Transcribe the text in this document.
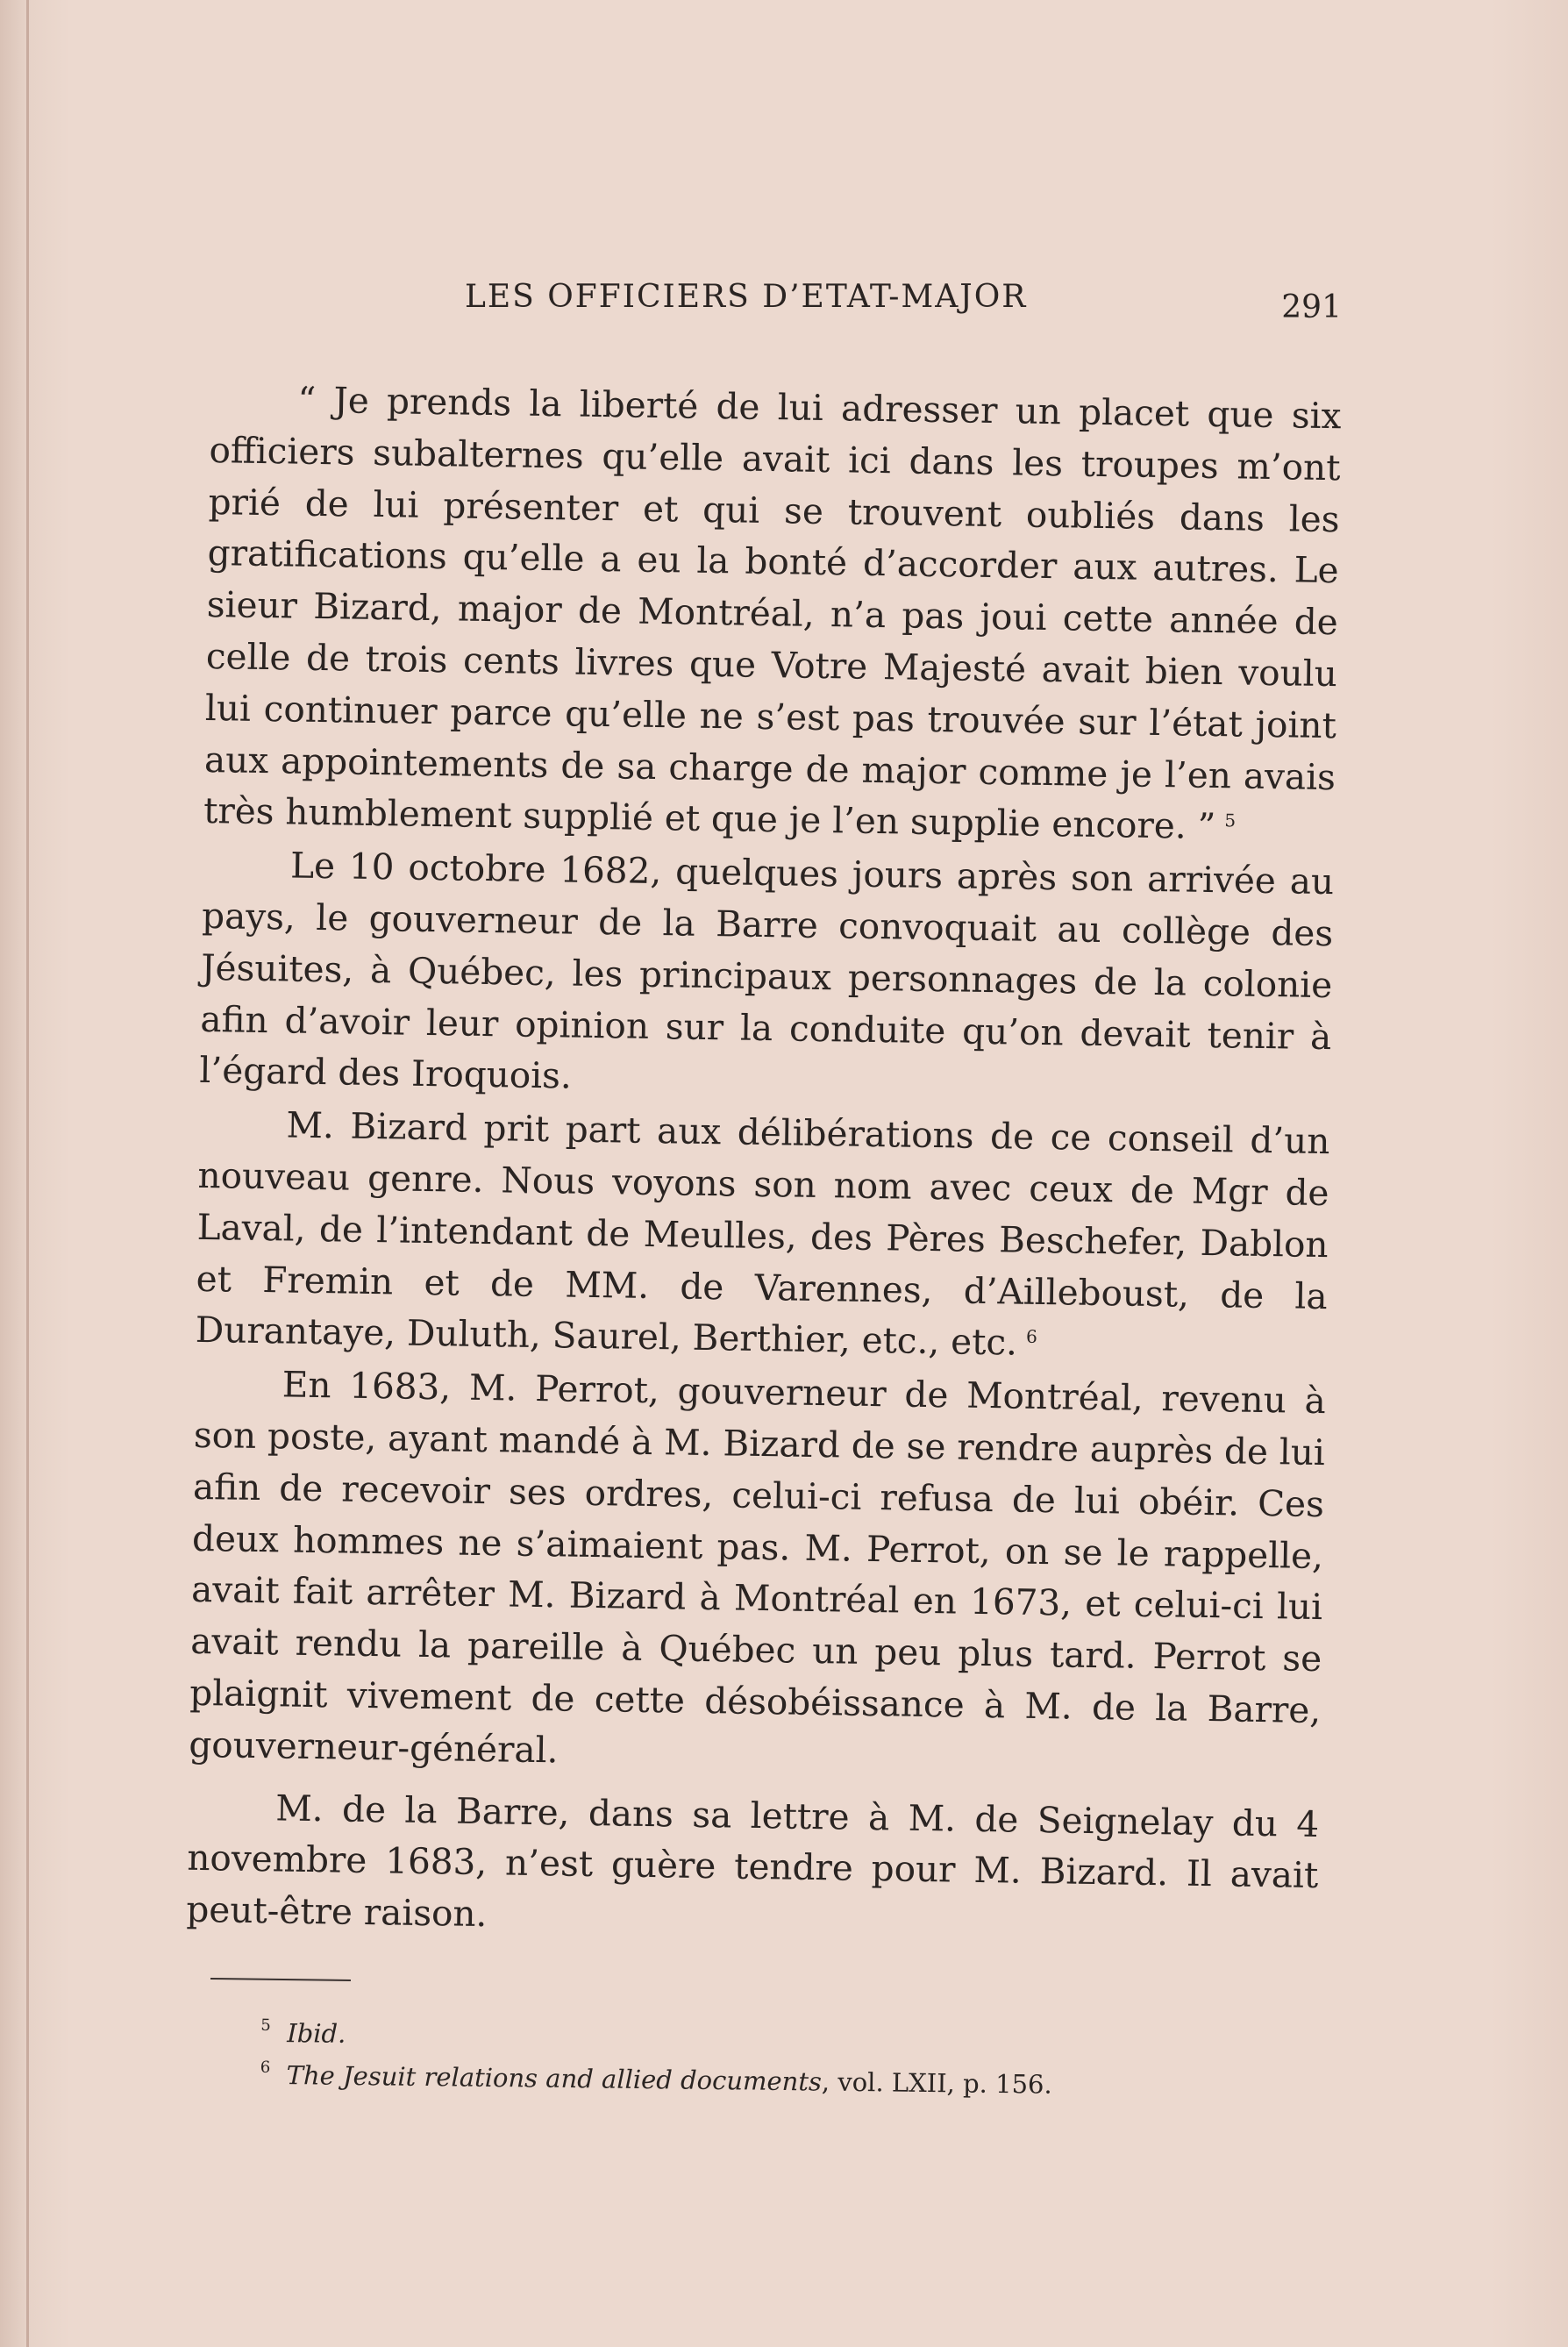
LES OFFICIERS D’ETAT-MAJOR	291

“ Je prends la liberté de lui adresser un placet que six officiers subalternes qu’elle avait ici dans les troupes m’ont prié de lui présenter et qui se trouvent oubliés dans les gratifications qu’elle a eu la bonté d’accorder aux autres. Le sieur Bizard, major de Montréal, n’a pas joui cette année de celle de trois cents livres que Votre Majesté avait bien voulu lui continuer parce qu’elle ne s’est pas trouvée sur l’état joint aux appointements de sa charge de major comme je l’en avais très humblement supplié et que je l’en supplie encore. ” $^5$

Le 10 octobre 1682, quelques jours après son arrivée au pays, le gouverneur de la Barre convoquait au collège des Jésuites, à Québec, les principaux personnages de la colonie afin d’avoir leur opinion sur la conduite qu’on devait tenir à l’égard des Iroquois.

M. Bizard prit part aux délibérations de ce conseil d’un nouveau genre. Nous voyons son nom avec ceux de Mgr de Laval, de l’intendant de Meulles, des Pères Beschefer, Dablon et Fremin et de MM. de Varennes, d’Ailleboust, de la Durantaye, Duluth, Saurel, Berthier, etc., etc. $^6$

En 1683, M. Perrot, gouverneur de Montréal, revenu à son poste, ayant mandé à M. Bizard de se rendre auprès de lui afin de recevoir ses ordres, celui-ci refusa de lui obéir. Ces deux hommes ne s’aimaient pas. M. Perrot, on se le rappelle, avait fait arrêter M. Bizard à Montréal en 1673, et celui-ci lui avait rendu la pareille à Québec un peu plus tard. Perrot se plaignit vivement de cette désobéissance à M. de la Barre, gouverneur-général.

M. de la Barre, dans sa lettre à M. de Seignelay du 4 novembre 1683, n’est guère tendre pour M. Bizard. Il avait peut-être raison.

5 Ibid.
6 The Jesuit relations and allied documents, vol. LXII, p. 156.
